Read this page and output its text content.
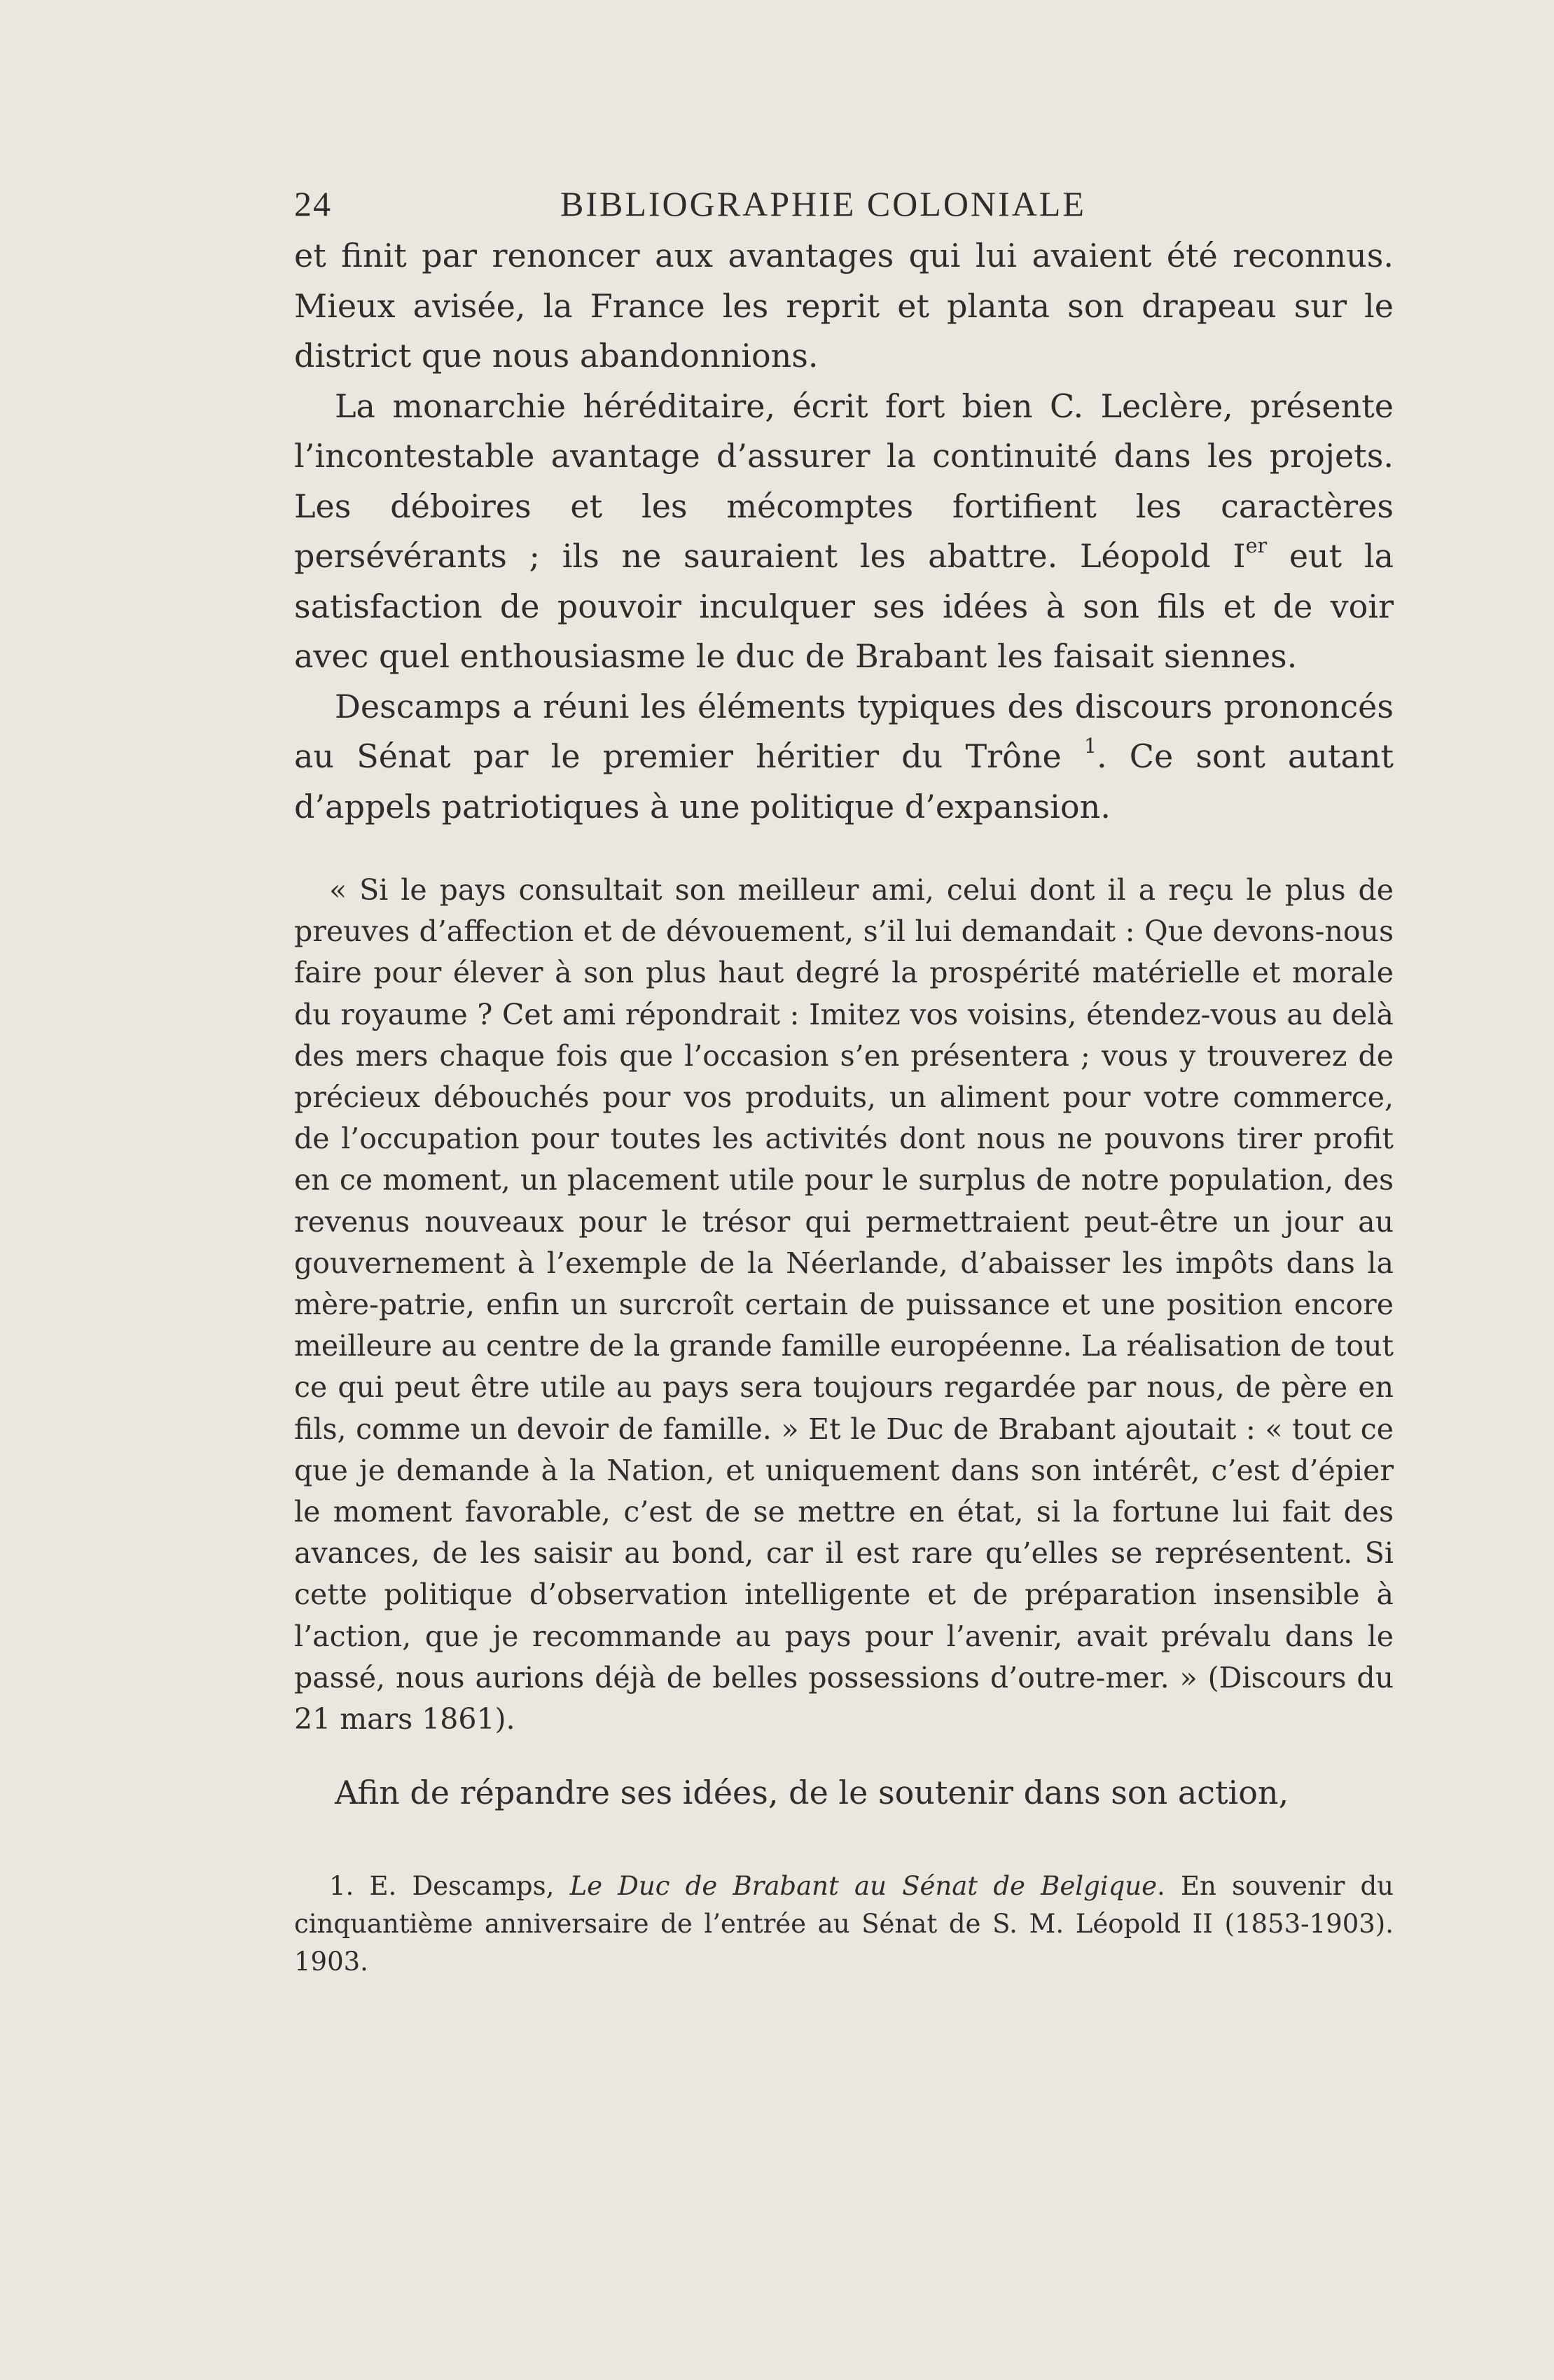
24	BIBLIOGRAPHIE COLONIALE

et finit par renoncer aux avantages qui lui avaient été reconnus. Mieux avisée, la France les reprit et planta son drapeau sur le district que nous abandonnions.

La monarchie héréditaire, écrit fort bien C. Leclère, présente l’incontestable avantage d’assurer la continuité dans les projets. Les déboires et les mécomptes fortifient les caractères persévérants ; ils ne sauraient les abattre. Léopold Ier eut la satisfaction de pouvoir inculquer ses idées à son fils et de voir avec quel enthousiasme le duc de Brabant les faisait siennes.

Descamps a réuni les éléments typiques des discours prononcés au Sénat par le premier héritier du Trône $^1$. Ce sont autant d’appels patriotiques à une politique d’expansion.

« Si le pays consultait son meilleur ami, celui dont il a reçu le plus de preuves d’affection et de dévouement, s’il lui demandait : Que devons-nous faire pour élever à son plus haut degré la prospérité matérielle et morale du royaume ? Cet ami répondrait : Imitez vos voisins, étendez-vous au delà des mers chaque fois que l’occasion s’en présentera ; vous y trouverez de précieux débouchés pour vos produits, un aliment pour votre commerce, de l’occupation pour toutes les activités dont nous ne pouvons tirer profit en ce moment, un placement utile pour le surplus de notre population, des revenus nouveaux pour le trésor qui permettraient peut-être un jour au gouvernement à l’exemple de la Néerlande, d’abaisser les impôts dans la mère-patrie, enfin un surcroît certain de puissance et une position encore meilleure au centre de la grande famille européenne. La réalisation de tout ce qui peut être utile au pays sera toujours regardée par nous, de père en fils, comme un devoir de famille. » Et le Duc de Brabant ajoutait : « tout ce que je demande à la Nation, et uniquement dans son intérêt, c’est d’épier le moment favorable, c’est de se mettre en état, si la fortune lui fait des avances, de les saisir au bond, car il est rare qu’elles se représentent. Si cette politique d’observation intelligente et de préparation insensible à l’action, que je recommande au pays pour l’avenir, avait prévalu dans le passé, nous aurions déjà de belles possessions d’outre-mer. » (Discours du 21 mars 1861).

Afin de répandre ses idées, de le soutenir dans son action,

1. E. Descamps, Le Duc de Brabant au Sénat de Belgique. En souvenir du cinquantième anniversaire de l’entrée au Sénat de S. M. Léopold II (1853-1903). 1903.
